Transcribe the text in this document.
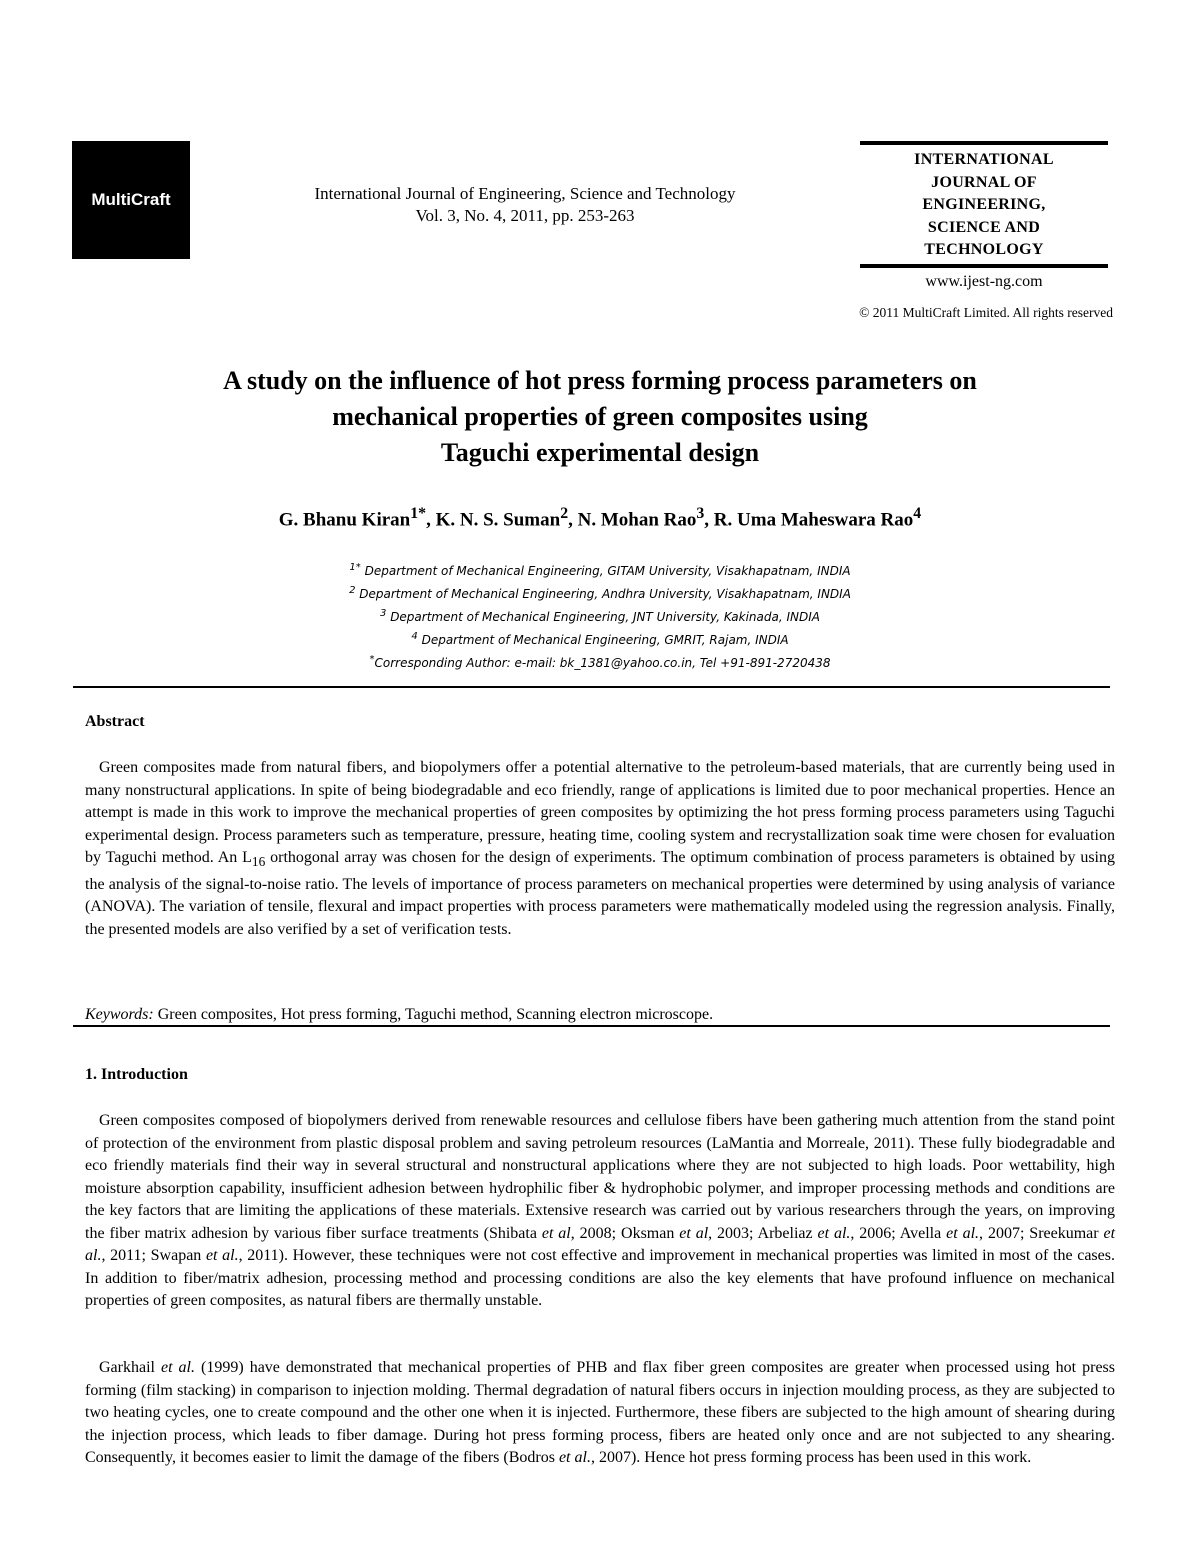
MultiCraft	International Journal of Engineering, Science and Technology
Vol. 3, No. 4, 2011, pp. 253-263
INTERNATIONAL
JOURNAL OF
ENGINEERING,
SCIENCE AND
TECHNOLOGY
www.ijest-ng.com
© 2011 MultiCraft Limited. All rights reserved
A study on the influence of hot press forming process parameters on
mechanical properties of green composites using
Taguchi experimental design
G. Bhanu Kiran$^{1*}$, K. N. S. Suman$^2$, N. Mohan Rao$^3$, R. Uma Maheswara Rao$^4$
$^{1*}$ Department of Mechanical Engineering, GITAM University, Visakhapatnam, INDIA
$^2$ Department of Mechanical Engineering, Andhra University, Visakhapatnam, INDIA
$^3$ Department of Mechanical Engineering, JNT University, Kakinada, INDIA
$^4$ Department of Mechanical Engineering, GMRIT, Rajam, INDIA
*Corresponding Author: e-mail: bk_1381@yahoo.co.in, Tel +91-891-2720438
Abstract
Green composites made from natural fibers, and biopolymers offer a potential alternative to the petroleum-based materials, that are currently being used in many nonstructural applications. In spite of being biodegradable and eco friendly, range of applications is limited due to poor mechanical properties. Hence an attempt is made in this work to improve the mechanical properties of green composites by optimizing the hot press forming process parameters using Taguchi experimental design. Process parameters such as temperature, pressure, heating time, cooling system and recrystallization soak time were chosen for evaluation by Taguchi method. An $L_{16}$ orthogonal array was chosen for the design of experiments. The optimum combination of process parameters is obtained by using the analysis of the signal-to-noise ratio. The levels of importance of process parameters on mechanical properties were determined by using analysis of variance (ANOVA). The variation of tensile, flexural and impact properties with process parameters were mathematically modeled using the regression analysis. Finally, the presented models are also verified by a set of verification tests.
Keywords: Green composites, Hot press forming, Taguchi method, Scanning electron microscope.
1. Introduction
Green composites composed of biopolymers derived from renewable resources and cellulose fibers have been gathering much attention from the stand point of protection of the environment from plastic disposal problem and saving petroleum resources (LaMantia and Morreale, 2011). These fully biodegradable and eco friendly materials find their way in several structural and nonstructural applications where they are not subjected to high loads. Poor wettability, high moisture absorption capability, insufficient adhesion between hydrophilic fiber & hydrophobic polymer, and improper processing methods and conditions are the key factors that are limiting the applications of these materials. Extensive research was carried out by various researchers through the years, on improving the fiber matrix adhesion by various fiber surface treatments (Shibata et al, 2008; Oksman et al, 2003; Arbeliaz et al., 2006; Avella et al., 2007; Sreekumar et al., 2011; Swapan et al., 2011). However, these techniques were not cost effective and improvement in mechanical properties was limited in most of the cases. In addition to fiber/matrix adhesion, processing method and processing conditions are also the key elements that have profound influence on mechanical properties of green composites, as natural fibers are thermally unstable.
Garkhail et al. (1999) have demonstrated that mechanical properties of PHB and flax fiber green composites are greater when processed using hot press forming (film stacking) in comparison to injection molding. Thermal degradation of natural fibers occurs in injection moulding process, as they are subjected to two heating cycles, one to create compound and the other one when it is injected. Furthermore, these fibers are subjected to the high amount of shearing during the injection process, which leads to fiber damage. During hot press forming process, fibers are heated only once and are not subjected to any shearing. Consequently, it becomes easier to limit the damage of the fibers (Bodros et al., 2007). Hence hot press forming process has been used in this work.
